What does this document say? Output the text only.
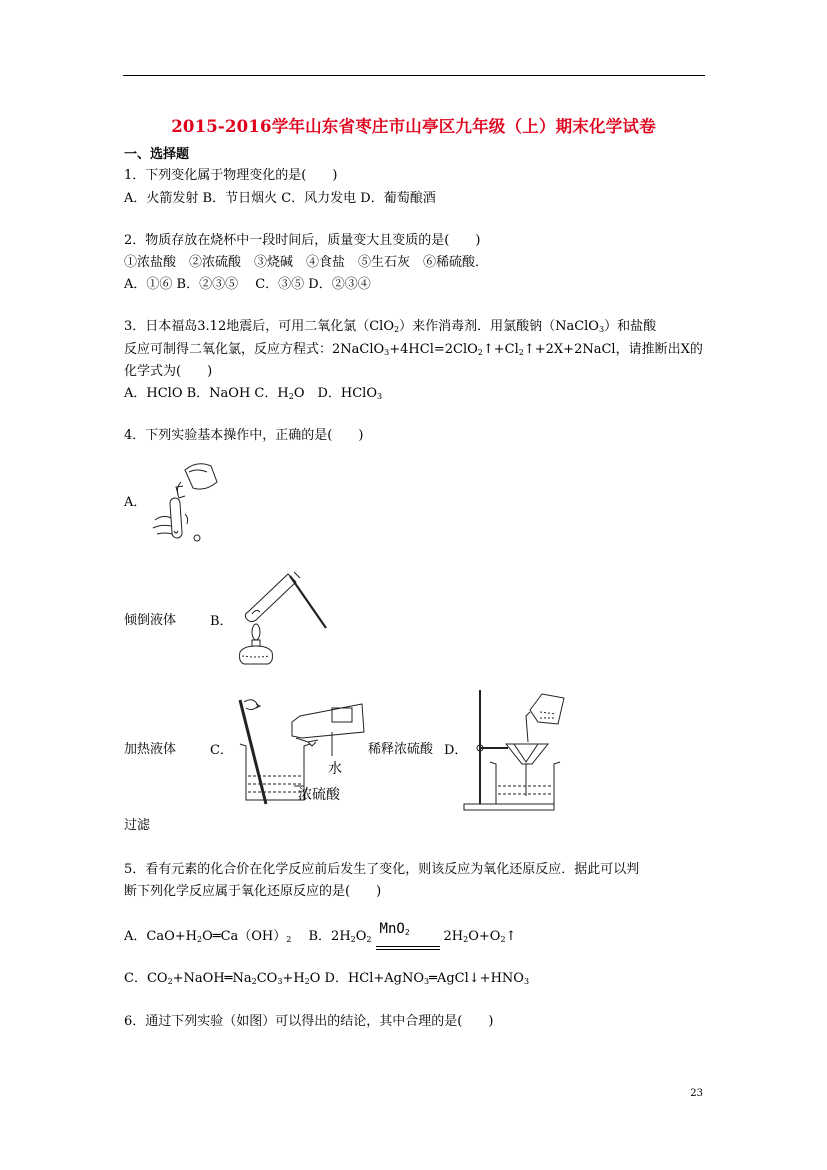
2015-2016学年山东省枣庄市山亭区九年级（上）期末化学试卷
一、选择题
1．下列变化属于物理变化的是(　　)
A．火箭发射 B．节日烟火 C．风力发电 D．葡萄酿酒
2．物质存放在烧杯中一段时间后，质量变大且变质的是(　　)
①浓盐酸　②浓硫酸　③烧碱　④食盐　⑤生石灰　⑥稀硫酸．
A．①⑥ B．②③⑤　 C．③⑤ D．②③④
3．日本福岛3.12地震后，可用二氧化氯（ClO$_2$）来作消毒剂．用氯酸钠（NaClO$_3$）和盐酸
反应可制得二氧化氯，反应方程式：$2NaClO_3+4HCl=2ClO_2↑+Cl_2↑+2X+2NaCl$，请推断出X的
化学式为(　　)
A．HClO B．NaOH C．$H_2O$　D．HClO$_3$
4．下列实验基本操作中，正确的是(　　)
A．
倾倒液体	B．
加热液体	C．
水
浓硫酸
稀释浓硫酸 D．
过滤
5．看有元素的化合价在化学反应前后发生了变化，则该反应为氧化还原反应．据此可以判
断下列化学反应属于氧化还原反应的是(　　)
A．$CaO+H_2O═Ca(OH)_2$　 B．$2H_2O_2$
MnO$_2$	$2H_2O+O_2↑$
C．$CO_2+NaOH═Na_2CO_3+H_2O$ D．$HCl+AgNO_3═AgCl↓+HNO_3$
6．通过下列实验（如图）可以得出的结论，其中合理的是(　　)
23
